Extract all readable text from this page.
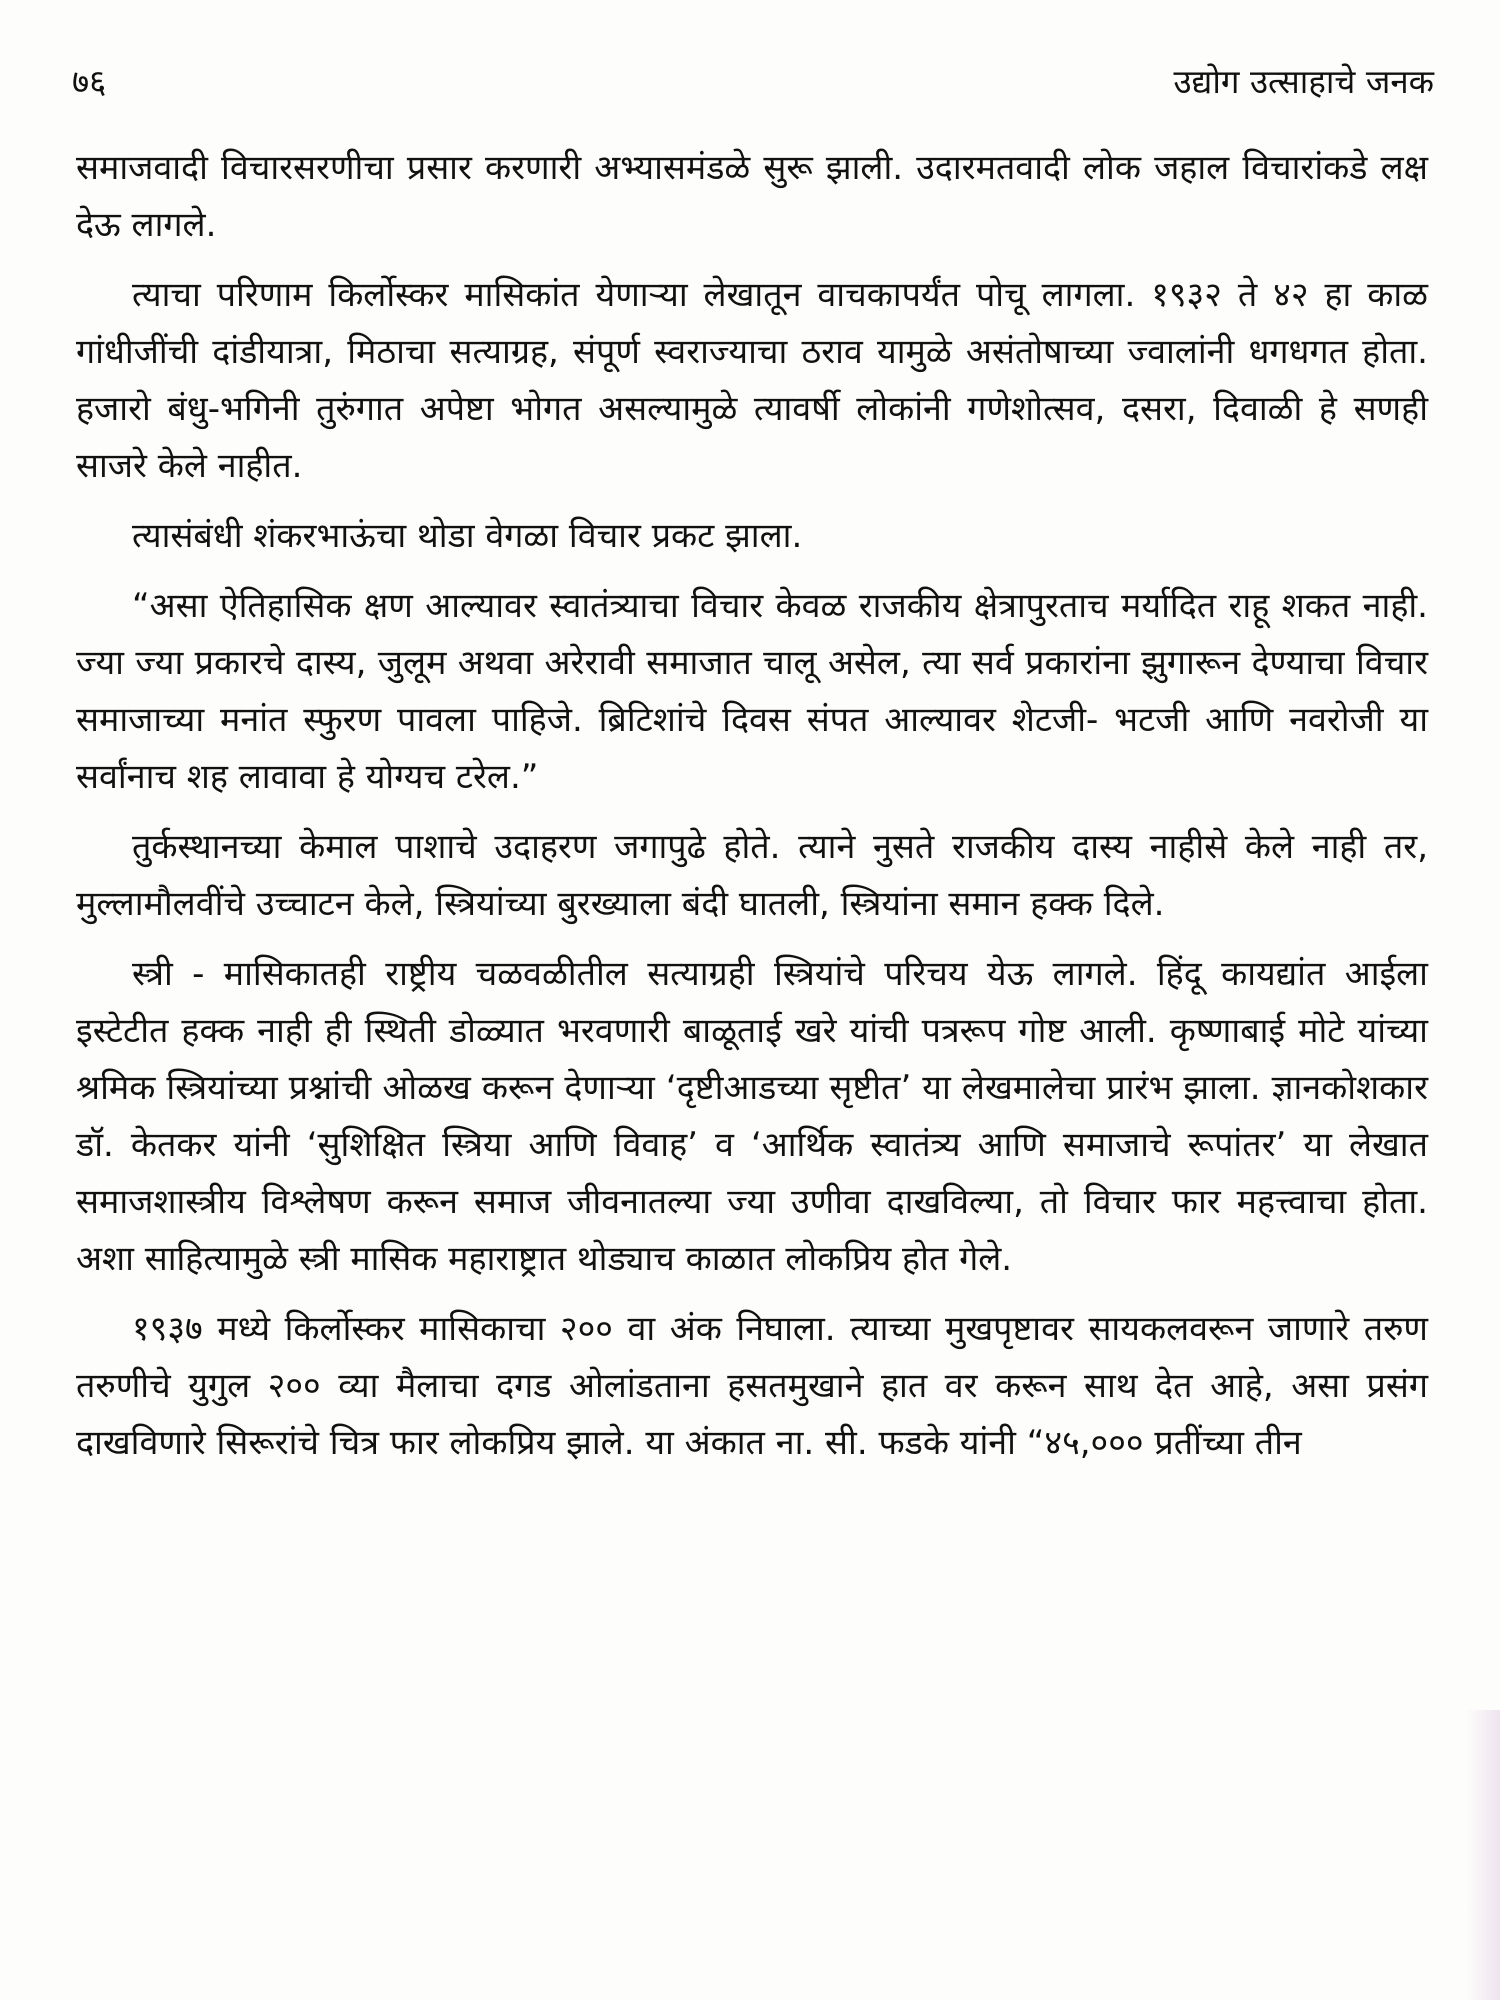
७६	उद्योग उत्साहाचे जनक

समाजवादी विचारसरणीचा प्रसार करणारी अभ्यासमंडळे सुरू झाली. उदारमतवादी लोक जहाल विचारांकडे लक्ष देऊ लागले.

त्याचा परिणाम किर्लोस्कर मासिकांत येणाऱ्या लेखातून वाचकापर्यंत पोचू लागला. १९३२ ते ४२ हा काळ गांधीजींची दांडीयात्रा, मिठाचा सत्याग्रह, संपूर्ण स्वराज्याचा ठराव यामुळे असंतोषाच्या ज्वालांनी धगधगत होता. हजारो बंधु-भगिनी तुरुंगात अपेष्टा भोगत असल्यामुळे त्यावर्षी लोकांनी गणेशोत्सव, दसरा, दिवाळी हे सणही साजरे केले नाहीत.

त्यासंबंधी शंकरभाऊंचा थोडा वेगळा विचार प्रकट झाला.

“असा ऐतिहासिक क्षण आल्यावर स्वातंत्र्याचा विचार केवळ राजकीय क्षेत्रापुरताच मर्यादित राहू शकत नाही. ज्या ज्या प्रकारचे दास्य, जुलूम अथवा अरेरावी समाजात चालू असेल, त्या सर्व प्रकारांना झुगारून देण्याचा विचार समाजाच्या मनांत स्फुरण पावला पाहिजे. ब्रिटिशांचे दिवस संपत आल्यावर शेटजी- भटजी आणि नवरोजी या सर्वांनाच शह लावावा हे योग्यच टरेल.”

तुर्कस्थानच्या केमाल पाशाचे उदाहरण जगापुढे होते. त्याने नुसते राजकीय दास्य नाहीसे केले नाही तर, मुल्लामौलवींचे उच्चाटन केले, स्त्रियांच्या बुरख्याला बंदी घातली, स्त्रियांना समान हक्क दिले.

स्त्री - मासिकातही राष्ट्रीय चळवळीतील सत्याग्रही स्त्रियांचे परिचय येऊ लागले. हिंदू कायद्यांत आईला इस्टेटीत हक्क नाही ही स्थिती डोळ्यात भरवणारी बाळूताई खरे यांची पत्ररूप गोष्ट आली. कृष्णाबाई मोटे यांच्या श्रमिक स्त्रियांच्या प्रश्नांची ओळख करून देणाऱ्या ‘दृष्टीआडच्या सृष्टीत’ या लेखमालेचा प्रारंभ झाला. ज्ञानकोशकार डॉ. केतकर यांनी ‘सुशिक्षित स्त्रिया आणि विवाह’ व ‘आर्थिक स्वातंत्र्य आणि समाजाचे रूपांतर’ या लेखात समाजशास्त्रीय विश्लेषण करून समाज जीवनातल्या ज्या उणीवा दाखविल्या, तो विचार फार महत्त्वाचा होता. अशा साहित्यामुळे स्त्री मासिक महाराष्ट्रात थोड्याच काळात लोकप्रिय होत गेले.

१९३७ मध्ये किर्लोस्कर मासिकाचा २०० वा अंक निघाला. त्याच्या मुखपृष्टावर सायकलवरून जाणारे तरुण तरुणीचे युगुल २०० व्या मैलाचा दगड ओलांडताना हसतमुखाने हात वर करून साथ देत आहे, असा प्रसंग दाखविणारे सिरूरांचे चित्र फार लोकप्रिय झाले. या अंकात ना. सी. फडके यांनी “४५,००० प्रतींच्या तीन
